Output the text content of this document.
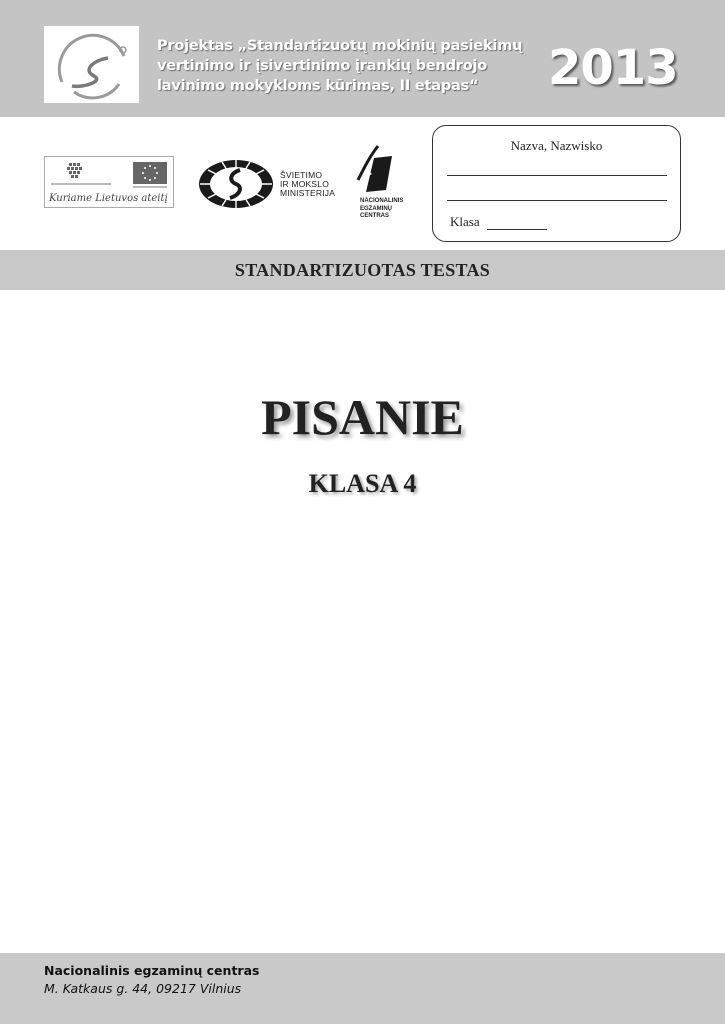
Projektas „Standartizuotų mokinių pasiekimų
vertinimo ir įsivertinimo įrankių bendrojo
lavinimo mokykloms kūrimas, II etapas“	2013
Kuriame Lietuvos ateitį
ŠVIETIMO
IR MOKSLO
MINISTERIJA
NACIONALINIS
EGZAMINŲ
CENTRAS
Nazva, Nazwisko
Klasa
STANDARTIZUOTAS TESTAS
PISANIE
KLASA 4
Nacionalinis egzaminų centras
M. Katkaus g. 44, 09217 Vilnius
